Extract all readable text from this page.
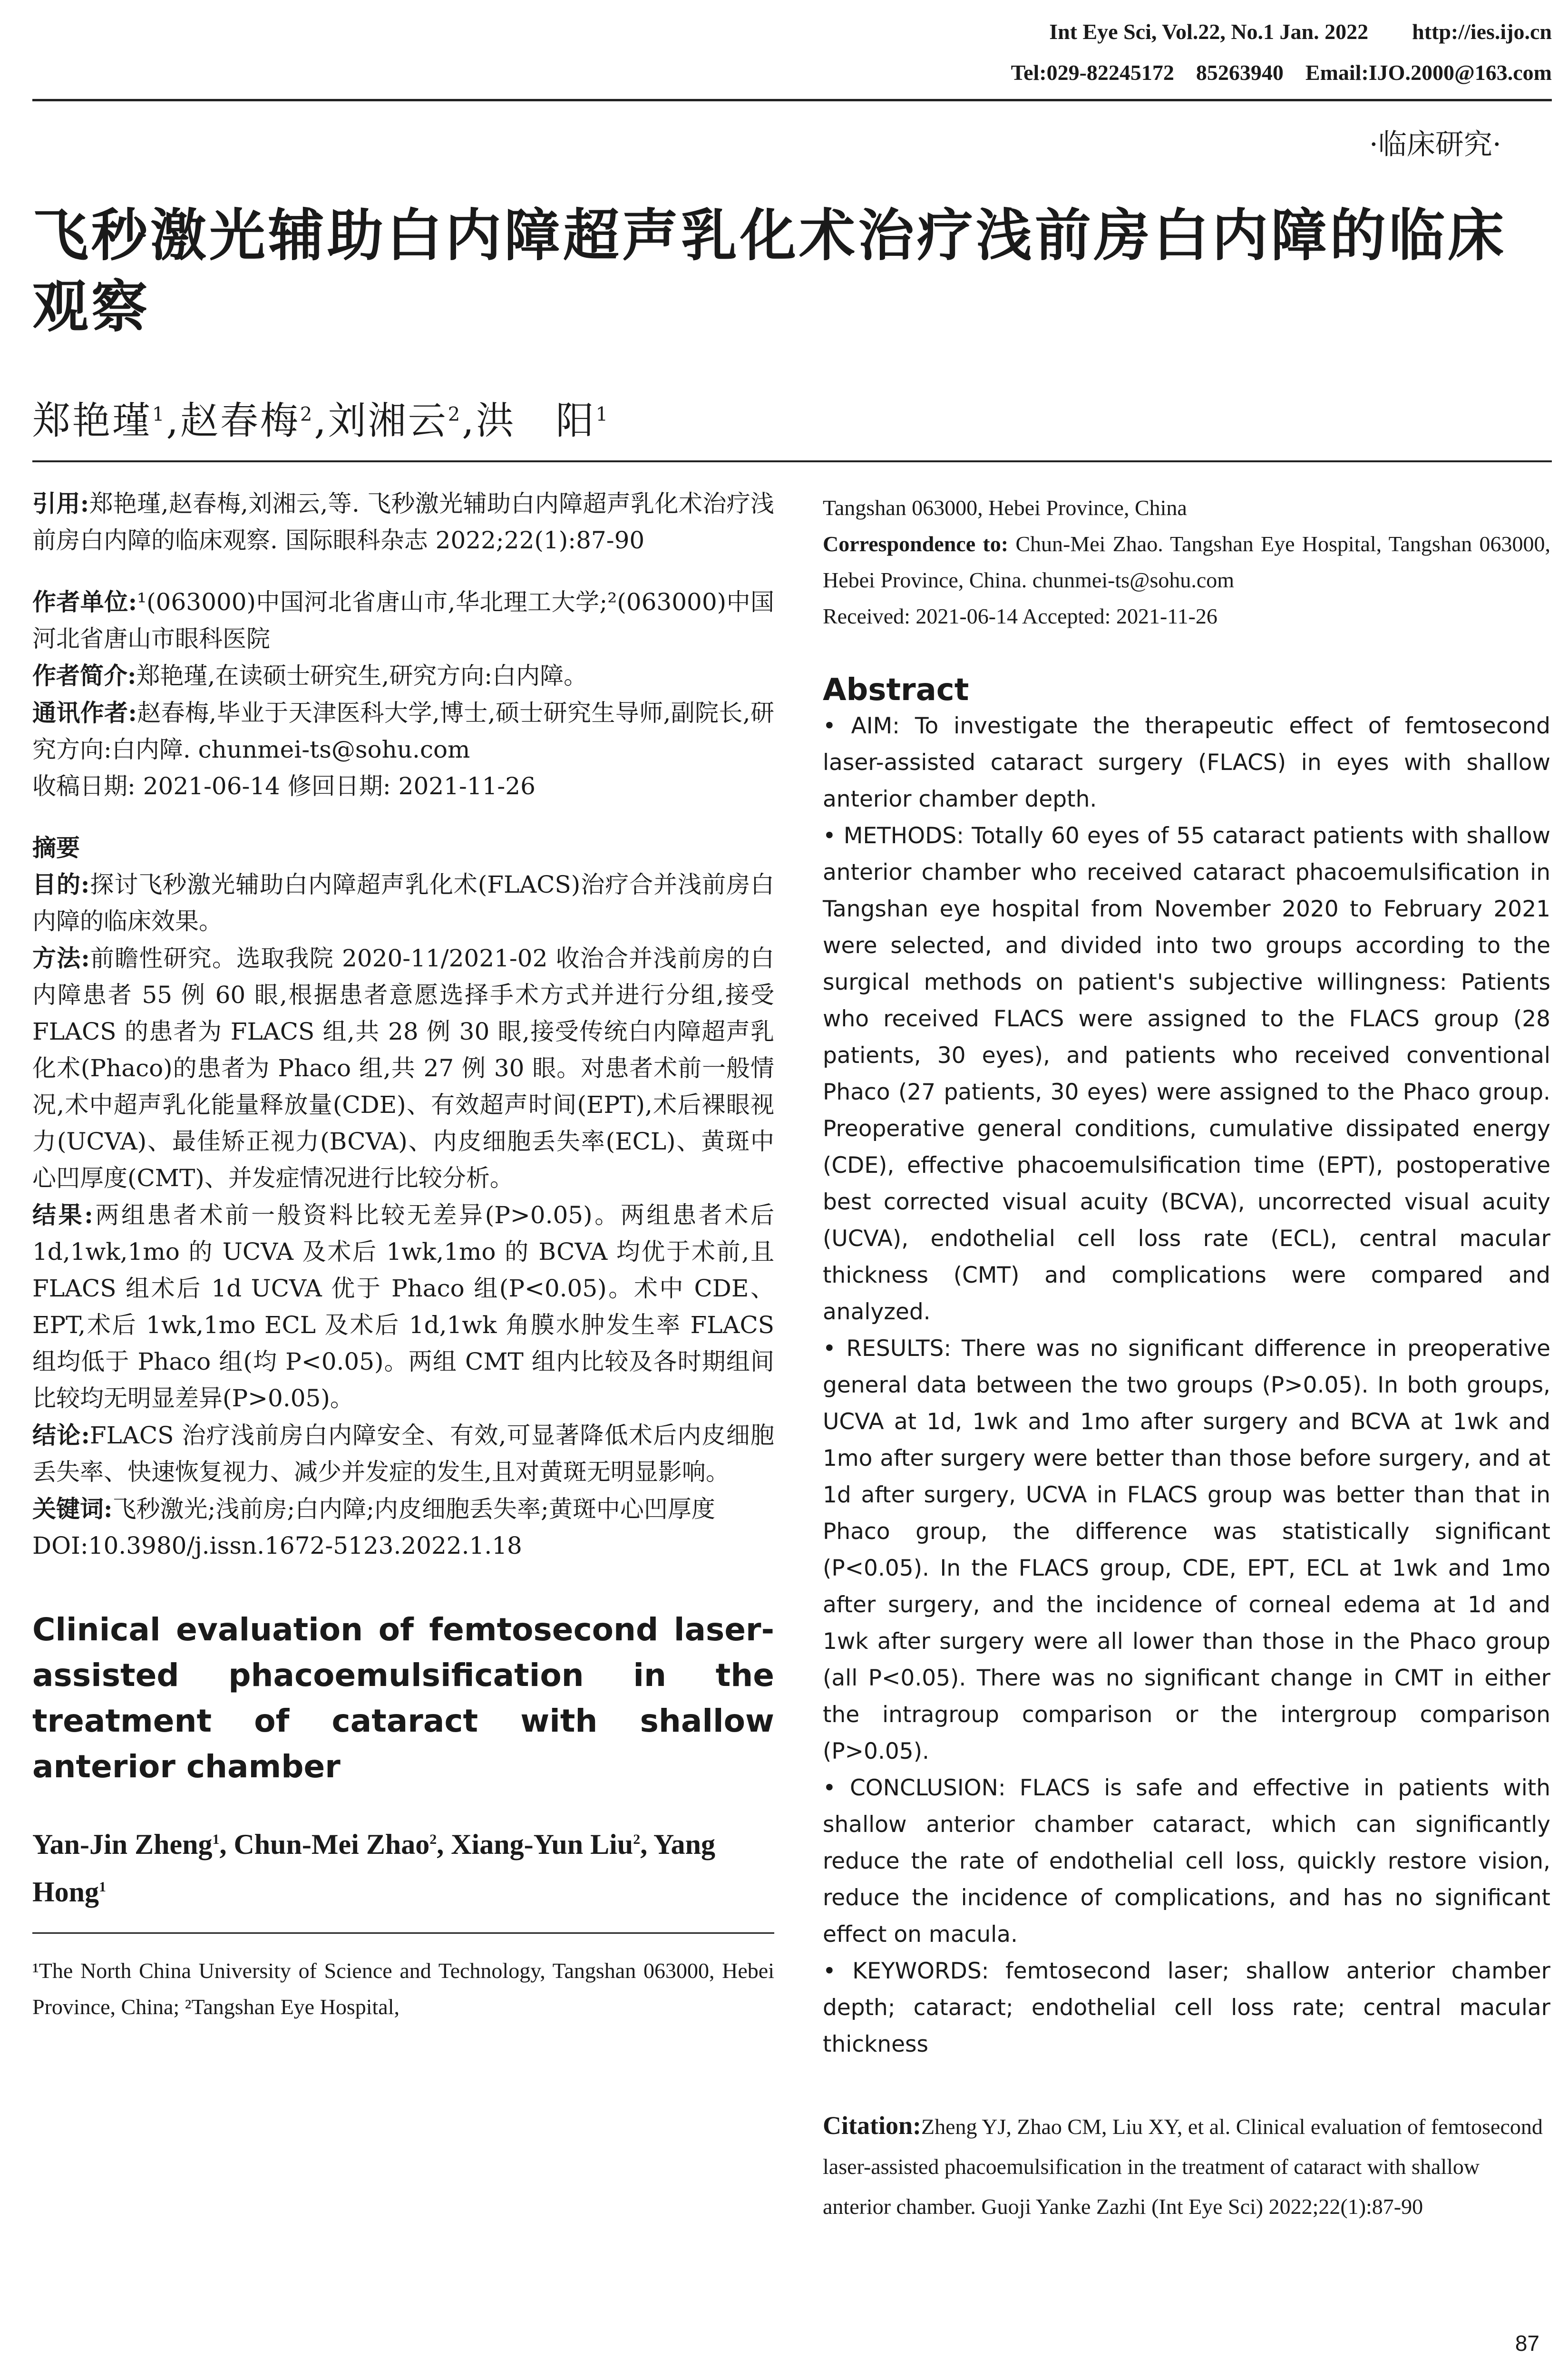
Int Eye Sci, Vol.22, No.1 Jan. 2022        http://ies.ijo.cn
Tel:029-82245172    85263940    Email:IJO.2000@163.com
·临床研究·
飞秒激光辅助白内障超声乳化术治疗浅前房白内障的临床观察
郑艳瑾$^1$,赵春梅$^2$,刘湘云$^2$,洪　阳$^1$

引用:郑艳瑾,赵春梅,刘湘云,等. 飞秒激光辅助白内障超声乳化术治疗浅前房白内障的临床观察. 国际眼科杂志 2022;22(1):87-90

作者单位:¹(063000)中国河北省唐山市,华北理工大学;²(063000)中国河北省唐山市眼科医院

作者简介:郑艳瑾,在读硕士研究生,研究方向:白内障。

通讯作者:赵春梅,毕业于天津医科大学,博士,硕士研究生导师,副院长,研究方向:白内障. chunmei-ts@sohu.com

收稿日期: 2021-06-14 修回日期: 2021-11-26

摘要

目的:探讨飞秒激光辅助白内障超声乳化术(FLACS)治疗合并浅前房白内障的临床效果。

方法:前瞻性研究。选取我院 2020-11/2021-02 收治合并浅前房的白内障患者 55 例 60 眼,根据患者意愿选择手术方式并进行分组,接受 FLACS 的患者为 FLACS 组,共 28 例 30 眼,接受传统白内障超声乳化术(Phaco)的患者为 Phaco 组,共 27 例 30 眼。对患者术前一般情况,术中超声乳化能量释放量(CDE)、有效超声时间(EPT),术后裸眼视力(UCVA)、最佳矫正视力(BCVA)、内皮细胞丢失率(ECL)、黄斑中心凹厚度(CMT)、并发症情况进行比较分析。

结果:两组患者术前一般资料比较无差异(P>0.05)。两组患者术后 1d,1wk,1mo 的 UCVA 及术后 1wk,1mo 的 BCVA 均优于术前,且 FLACS 组术后 1d UCVA 优于 Phaco 组(P<0.05)。术中 CDE、EPT,术后 1wk,1mo ECL 及术后 1d,1wk 角膜水肿发生率 FLACS 组均低于 Phaco 组(均 P<0.05)。两组 CMT 组内比较及各时期组间比较均无明显差异(P>0.05)。

结论:FLACS 治疗浅前房白内障安全、有效,可显著降低术后内皮细胞丢失率、快速恢复视力、减少并发症的发生,且对黄斑无明显影响。

关键词:飞秒激光;浅前房;白内障;内皮细胞丢失率;黄斑中心凹厚度

DOI:10.3980/j.issn.1672-5123.2022.1.18

Clinical evaluation of femtosecond laser-assisted phacoemulsification in the treatment of cataract with shallow anterior chamber

Yan-Jin Zheng$^1$, Chun-Mei Zhao$^2$, Xiang-Yun Liu$^2$, Yang Hong$^1$

¹The North China University of Science and Technology, Tangshan 063000, Hebei Province, China; ²Tangshan Eye Hospital,

Tangshan 063000, Hebei Province, China

Correspondence to: Chun-Mei Zhao. Tangshan Eye Hospital, Tangshan 063000, Hebei Province, China. chunmei-ts@sohu.com

Received: 2021-06-14 Accepted: 2021-11-26

Abstract

• AIM: To investigate the therapeutic effect of femtosecond laser-assisted cataract surgery (FLACS) in eyes with shallow anterior chamber depth.

• METHODS: Totally 60 eyes of 55 cataract patients with shallow anterior chamber who received cataract phacoemulsification in Tangshan eye hospital from November 2020 to February 2021 were selected, and divided into two groups according to the surgical methods on patient's subjective willingness: Patients who received FLACS were assigned to the FLACS group (28 patients, 30 eyes), and patients who received conventional Phaco (27 patients, 30 eyes) were assigned to the Phaco group. Preoperative general conditions, cumulative dissipated energy (CDE), effective phacoemulsification time (EPT), postoperative best corrected visual acuity (BCVA), uncorrected visual acuity (UCVA), endothelial cell loss rate (ECL), central macular thickness (CMT) and complications were compared and analyzed.

• RESULTS: There was no significant difference in preoperative general data between the two groups (P>0.05). In both groups, UCVA at 1d, 1wk and 1mo after surgery and BCVA at 1wk and 1mo after surgery were better than those before surgery, and at 1d after surgery, UCVA in FLACS group was better than that in Phaco group, the difference was statistically significant (P<0.05). In the FLACS group, CDE, EPT, ECL at 1wk and 1mo after surgery, and the incidence of corneal edema at 1d and 1wk after surgery were all lower than those in the Phaco group (all P<0.05). There was no significant change in CMT in either the intragroup comparison or the intergroup comparison (P>0.05).

• CONCLUSION: FLACS is safe and effective in patients with shallow anterior chamber cataract, which can significantly reduce the rate of endothelial cell loss, quickly restore vision, reduce the incidence of complications, and has no significant effect on macula.

• KEYWORDS: femtosecond laser; shallow anterior chamber depth; cataract; endothelial cell loss rate; central macular thickness

Citation:Zheng YJ, Zhao CM, Liu XY, et al. Clinical evaluation of femtosecond laser-assisted phacoemulsification in the treatment of cataract with shallow anterior chamber. Guoji Yanke Zazhi (Int Eye Sci) 2022;22(1):87-90

87
